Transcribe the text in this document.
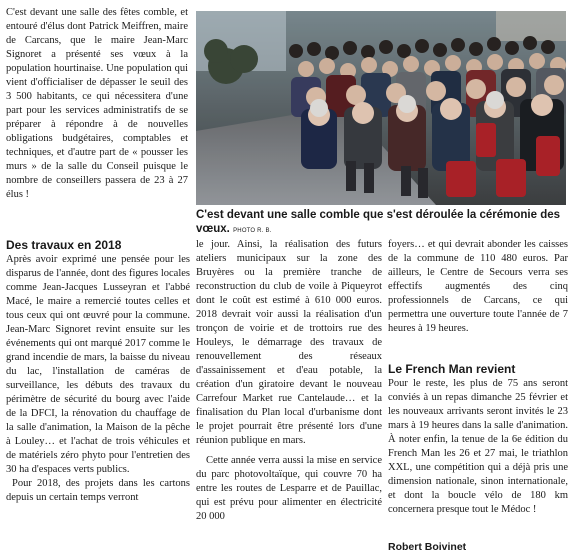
C'est devant une salle des fêtes comble, et entouré d'élus dont Patrick Meiffren, maire de Carcans, que le maire Jean-Marc Signoret a présenté ses vœux à la population hourtinaise. Une population qui vient d'officialiser de dépasser le seuil des 3 500 habitants, ce qui nécessitera d'une part pour les services administratifs de se préparer à répondre à de nouvelles obligations budgétaires, comptables et techniques, et d'autre part de « pousser les murs » de la salle du Conseil puisque le nombre de conseillers passera de 23 à 27 élus !

C'est devant une salle comble que s'est déroulée la cérémonie des vœux. PHOTO R. B.
Des travaux en 2018

Après avoir exprimé une pensée pour les disparus de l'année, dont des figures locales comme Jean-Jacques Lusseyran et l'abbé Macé, le maire a remercié toutes celles et tous ceux qui ont œuvré pour la commune. Jean-Marc Signoret revint ensuite sur les événements qui ont marqué 2017 comme le grand incendie de mars, la baisse du niveau du lac, l'installation de caméras de surveillance, les débuts des travaux du périmètre de sécurité du bourg avec l'aide de la DFCI, la rénovation du chauffage de la salle d'animation, la Maison de la pêche à Louley… et l'achat de trois véhicules et de matériels zéro phyto pour l'entretien des 30 ha d'espaces verts publics.

Pour 2018, des projets dans les cartons depuis un certain temps verront

le jour. Ainsi, la réalisation des futurs ateliers municipaux sur la zone des Bruyères ou la première tranche de reconstruction du club de voile à Piqueyrot dont le coût est estimé à 610 000 euros. 2018 devrait voir aussi la réalisation d'un tronçon de voirie et de trottoirs rue des Houleys, le démarrage des travaux de renouvellement des réseaux d'assainissement et d'eau potable, la création d'un giratoire devant le nouveau Carrefour Market rue Cantelaude… et la finalisation du Plan local d'urbanisme dont le projet pourrait être présenté lors d'une réunion publique en mars.

Cette année verra aussi la mise en service du parc photovoltaïque, qui couvre 70 ha entre les routes de Lesparre et de Pauillac, qui est prévu pour alimenter en électricité 20 000

foyers… et qui devrait abonder les caisses de la commune de 110 480 euros. Par ailleurs, le Centre de Secours verra ses effectifs augmentés des cinq professionnels de Carcans, ce qui permettra une ouverture toute l'année de 7 heures à 19 heures.

Le French Man revient

Pour le reste, les plus de 75 ans seront conviés à un repas dimanche 25 février et les nouveaux arrivants seront invités le 23 mars à 19 heures dans la salle d'animation. À noter enfin, la tenue de la 6e édition du French Man les 26 et 27 mai, le triathlon XXL, une compétition qui a déjà pris une dimension nationale, sinon internationale, et dont la boucle vélo de 180 km concernera presque tout le Médoc !

Robert Boivinet
